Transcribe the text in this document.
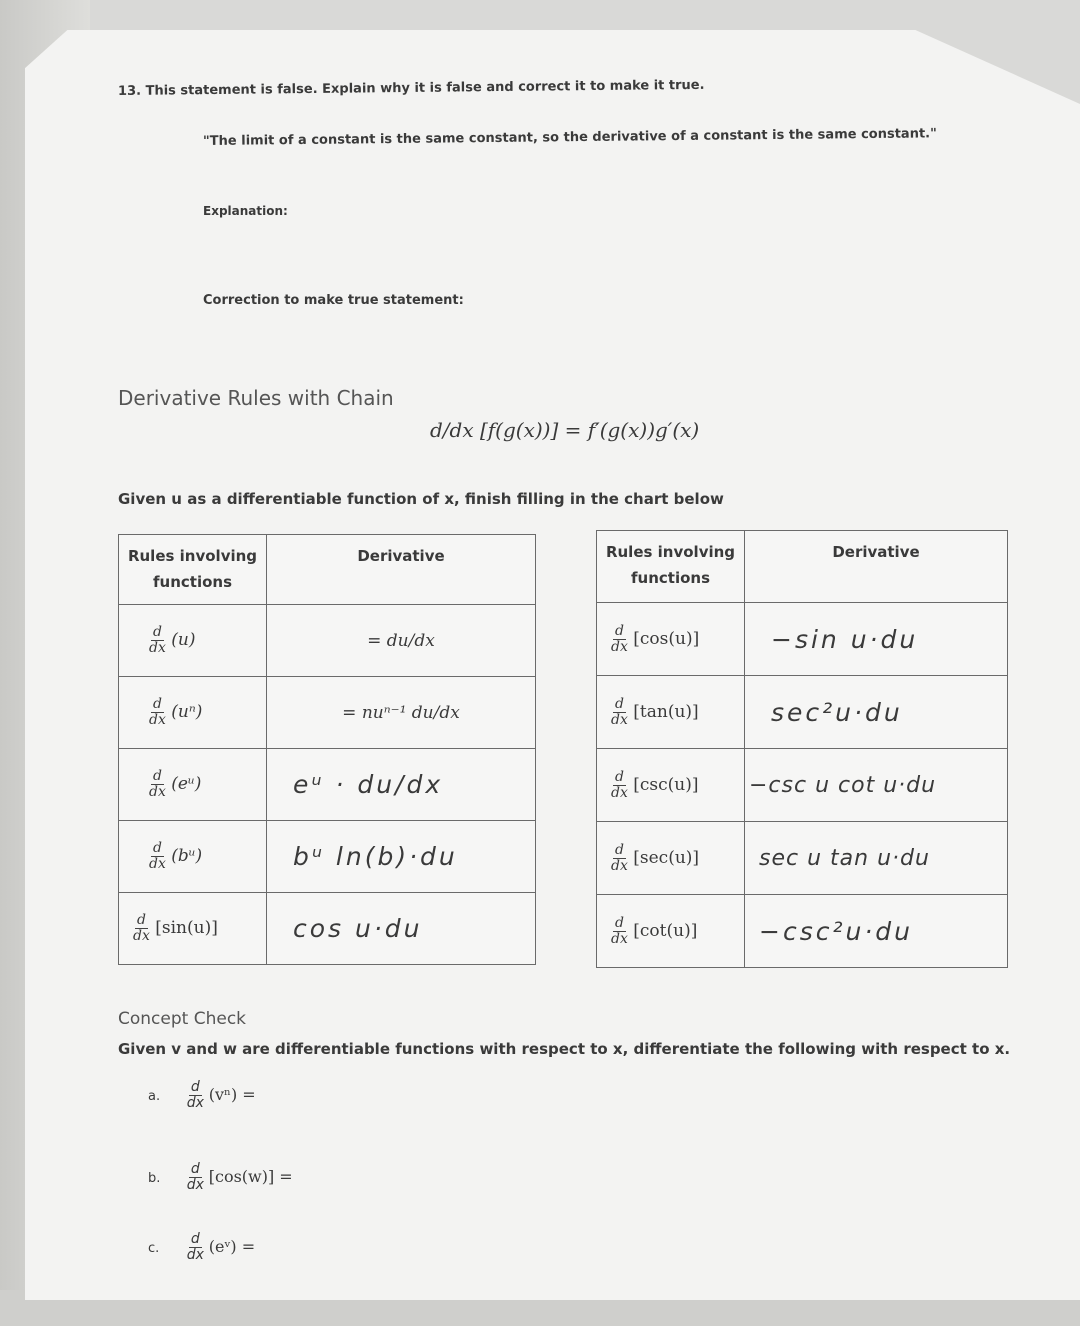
13. This statement is false. Explain why it is false and correct it to make it true.
"The limit of a constant is the same constant, so the derivative of a constant is the same constant."
Explanation:
Correction to make true statement:
Derivative Rules with Chain
d/dx [f(g(x))] = f′(g(x))g′(x)
Given u as a differentiable function of x, finish filling in the chart below
Rules involving functions	Derivative

$\frac{d}{dx} (u)$	= du/dx

$\frac{d}{dx} (u^n)$	= nuⁿ⁻¹ du/dx

$\frac{d}{dx}$ (eᵘ)	eᵘ · du/dx

$\frac{d}{dx}$ (bᵘ)	bᵘ ln(b)·du

$\frac{d}{dx} [\sin(u)]$	cos u·du
Rules involving functions	Derivative

$\frac{d}{dx} [\cos(u)]$	−sin u·du

$\frac{d}{dx} [\tan(u)]$	sec²u·du

$\frac{d}{dx} [\csc(u)]$	−csc u cot u·du

$\frac{d}{dx} [\sec(u)]$	sec u tan u·du

$\frac{d}{dx} [\cot(u)]$	−csc²u·du
Concept Check
Given v and w are differentiable functions with respect to x, differentiate the following with respect to x.
a. $\frac{d}{dx} (v^n)$ =
b. $\frac{d}{dx} [\cos(w)]$ =
c. $\frac{d}{dx}$ (eᵛ) =
